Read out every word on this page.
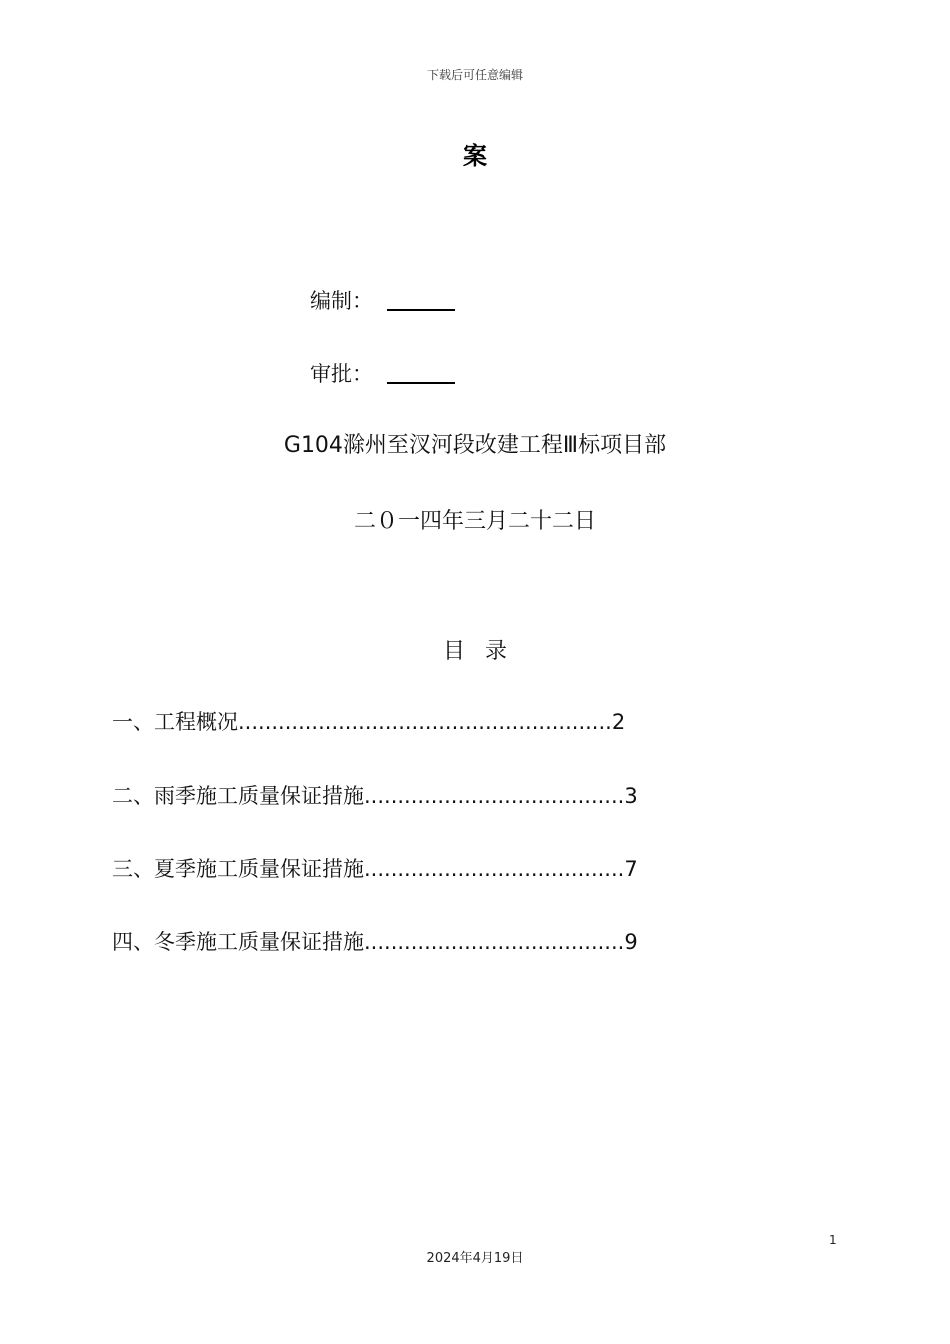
下载后可任意编辑
案
编制：
审批：
G104滁州至汊河段改建工程Ⅲ标项目部
二０一四年三月二十二日
目录
一、工程概况........................................................2
二、雨季施工质量保证措施.......................................3
三、夏季施工质量保证措施.......................................7
四、冬季施工质量保证措施.......................................9
1
2024年4月19日
